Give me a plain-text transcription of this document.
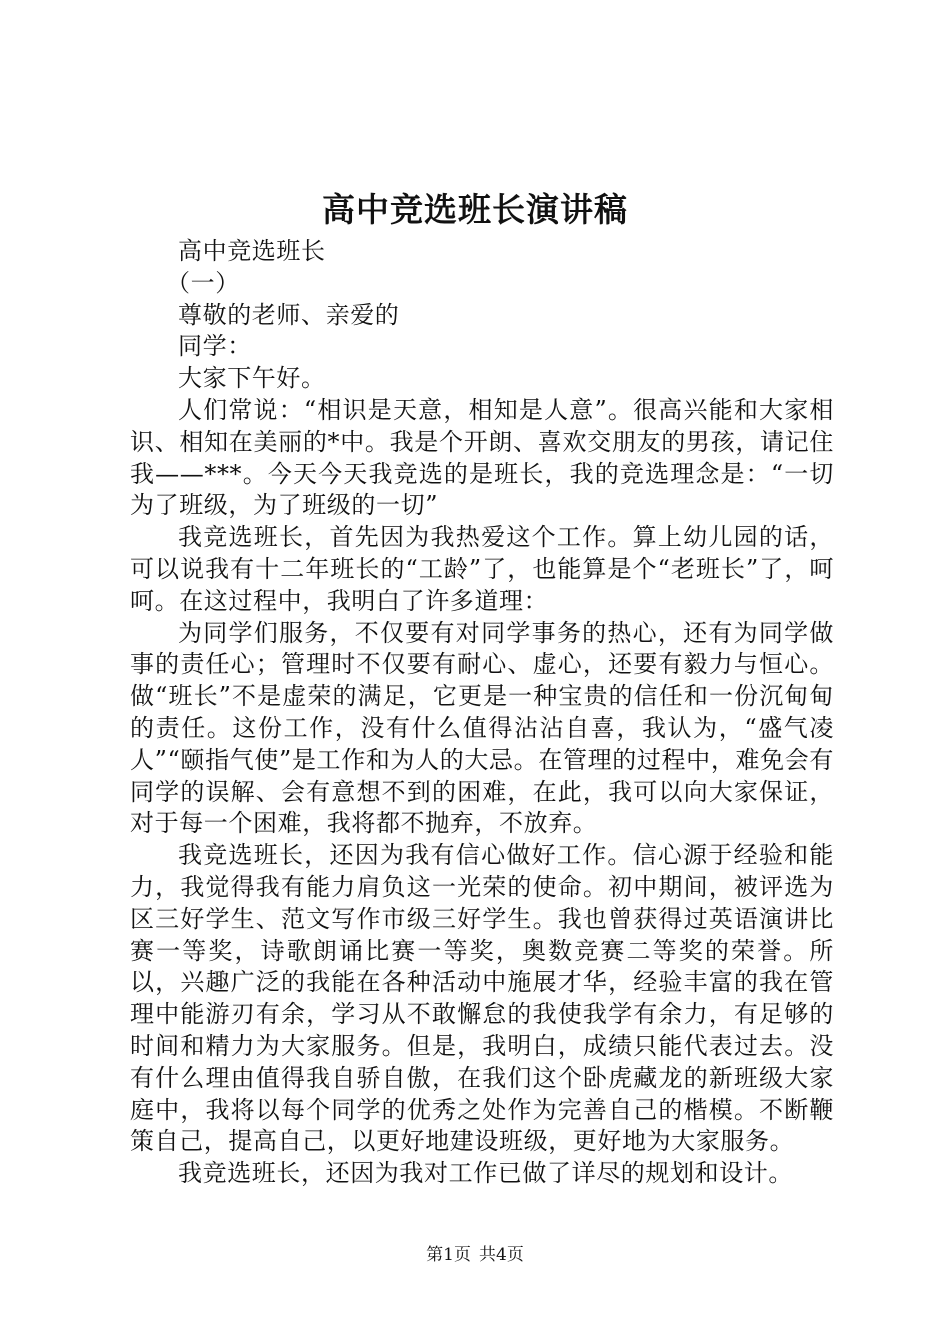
高中竞选班长演讲稿

高中竞选班长

（一）

尊敬的老师、亲爱的

同学：

大家下午好。

人们常说：“相识是天意，相知是人意”。很高兴能和大家相识、相知在美丽的*中。我是个开朗、喜欢交朋友的男孩，请记住我——***。今天今天我竞选的是班长，我的竞选理念是：“一切为了班级，为了班级的一切”

我竞选班长，首先因为我热爱这个工作。算上幼儿园的话，可以说我有十二年班长的“工龄”了，也能算是个“老班长”了，呵呵。在这过程中，我明白了许多道理：

为同学们服务，不仅要有对同学事务的热心，还有为同学做事的责任心；管理时不仅要有耐心、虚心，还要有毅力与恒心。做“班长”不是虚荣的满足，它更是一种宝贵的信任和一份沉甸甸的责任。这份工作，没有什么值得沾沾自喜，我认为，“盛气凌人”“颐指气使”是工作和为人的大忌。在管理的过程中，难免会有同学的误解、会有意想不到的困难，在此，我可以向大家保证，对于每一个困难，我将都不抛弃，不放弃。

我竞选班长，还因为我有信心做好工作。信心源于经验和能力，我觉得我有能力肩负这一光荣的使命。初中期间，被评选为区三好学生、范文写作市级三好学生。我也曾获得过英语演讲比赛一等奖，诗歌朗诵比赛一等奖，奥数竞赛二等奖的荣誉。所以，兴趣广泛的我能在各种活动中施展才华，经验丰富的我在管理中能游刃有余，学习从不敢懈怠的我使我学有余力，有足够的时间和精力为大家服务。但是，我明白，成绩只能代表过去。没有什么理由值得我自骄自傲，在我们这个卧虎藏龙的新班级大家庭中，我将以每个同学的优秀之处作为完善自己的楷模。不断鞭策自己，提高自己，以更好地建设班级，更好地为大家服务。

我竞选班长，还因为我对工作已做了详尽的规划和设计。

第1页 共4页
